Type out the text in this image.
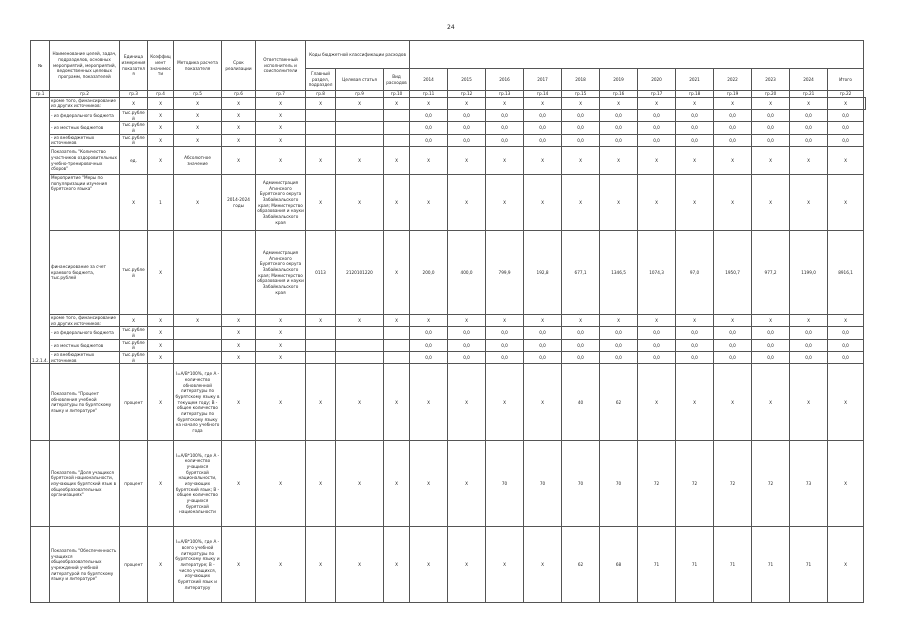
24
№	Наименование целей, задач, подразделов, основных мероприятий, мероприятий, ведомственных целевых программ, показателей	Единица измерения показателя	Коэффициент значимости	Методика расчета показателя	Срок реализации	Ответственный исполнитель и соисполнители	Коды бюджетной классификации расходов															
							Главный раздел, подраздел	Целевая статья	Вид расходов	2014	2015	2016	2017	2018	2019	2020	2021	2022	2023	2024	Итого	
гр.1	гр.2	гр.3	гр.4	гр.5	гр.6	гр.7	гр.8	гр.9	гр.10	гр.11	гр.12	гр.13	гр.14	гр.15	гр.16	гр.17	гр.18	гр.19	гр.20	гр.21	гр.22	
1.2.1.4.	кроме того, финансирование из других источников:	X	X	X	X	X	X	X	X	X	X	X	X	X	X	X	X	X	X	X	X	
	- из федерального бюджета	тыс.рублей	X	X	X	X				0,0	0,0	0,0	0,0	0,0	0,0	0,0	0,0	0,0	0,0	0,0	0,0	
	- из местных бюджетов	тыс.рублей	X	X	X	X				0,0	0,0	0,0	0,0	0,0	0,0	0,0	0,0	0,0	0,0	0,0	0,0	
	- из внебюджетных источников	тыс.рублей	X	X	X	X				0,0	0,0	0,0	0,0	0,0	0,0	0,0	0,0	0,0	0,0	0,0	0,0	
	Показатель "Количество участников оздоровительных учебно-тренировочных сборов"	ед.	X	Абсолютное значение	X	X	X	X	X	X	X	X	X	X	X	X	X	X	X	X	X	
	Мероприятие "Меры по популяризации изучения бурятского языка"	X	1	X	2014-2024 годы	Администрация Агинского Бурятского округа Забайкальского края; Министерство образования и науки Забайкальского края	X	X	X	X	X	X	X	X	X	X	X	X	X	X	X	
	финансирование за счет краевого бюджета, тыс.рублей	тыс.рублей	X			Администрация Агинского Бурятского округа Забайкальского края; Министерство образования и науки Забайкальского края	0113	2120101220	X	200,0	400,0	799,9	192,8	677,1	1346,5	1074,3	97,0	1950,7	977,2	1199,0	8916,1	
	кроме того, финансирование из других источников:	X	X	X	X	X	X	X	X	X	X	X	X	X	X	X	X	X	X	X	X	
	- из федерального бюджета	тыс.рублей	X		X	X				0,0	0,0	0,0	0,0	0,0	0,0	0,0	0,0	0,0	0,0	0,0	0,0	
	- из местных бюджетов	тыс.рублей	X		X	X				0,0	0,0	0,0	0,0	0,0	0,0	0,0	0,0	0,0	0,0	0,0	0,0	
	- из внебюджетных источников	тыс.рублей	X		X	X				0,0	0,0	0,0	0,0	0,0	0,0	0,0	0,0	0,0	0,0	0,0	0,0	
	Показатель "Процент обновления учебной литературы по бурятскому языку и литературе"	процент	X	I=A/B*100%, где А - количество обновленной литературы по бурятскому языку в текущем году; В - общее количество литературы по бурятскому языку на начало учебного года	X	X	X	X	X	X	X	X	X	40	62	X	X	X	X	X	X	
	Показатель "Доля учащихся бурятской национальности, изучающих бурятский язык в общеобразовательных организациях"	процент	X	I=A/B*100%, где А - количество учащихся бурятской национальности, изучающих бурятский язык; В - общее количество учащихся бурятской национальности	X	X	X	X	X	X	X	70	70	70	70	72	72	72	72	73	X	
	Показатель "Обеспеченность учащихся общеобразовательных учреждений учебной литературой по бурятскому языку и литературе"	процент	X	I=A/B*100%, где А - всего учебной литературы по бурятскому языку и литературе; В - число учащихся, изучающих бурятский язык и литературу	X	X	X	X	X	X	X	X	X	62	68	71	71	71	71	71	X	
